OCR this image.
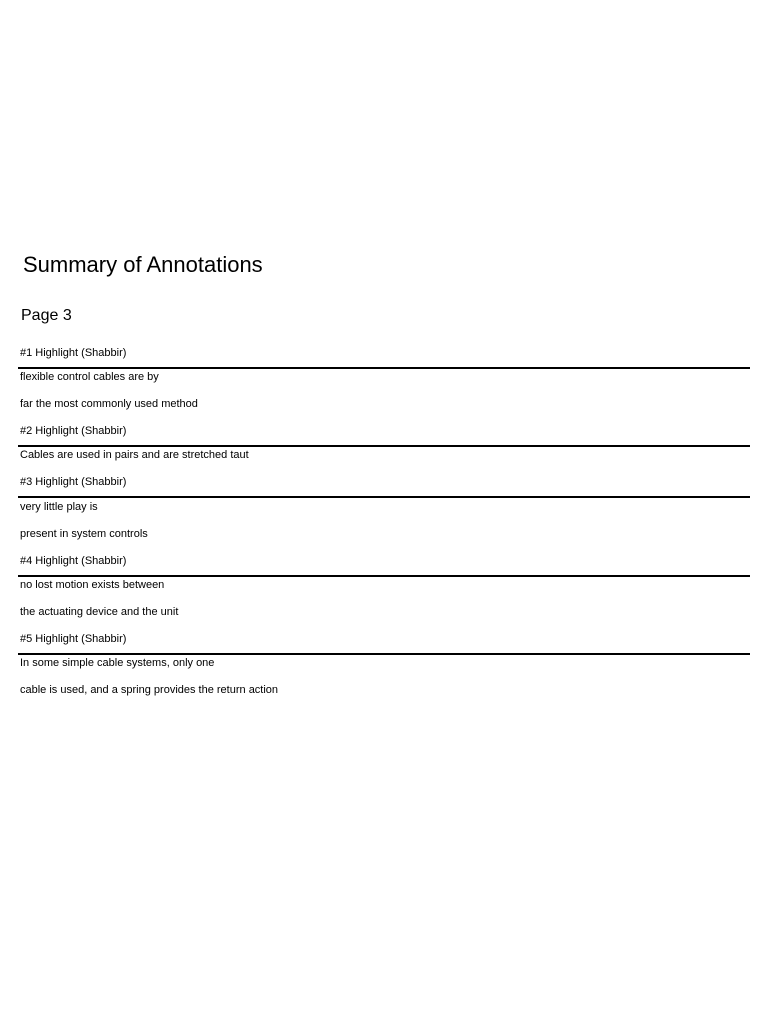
Summary of Annotations
Page 3
#1 Highlight (Shabbir)
flexible control cables are by
far the most commonly used method
#2 Highlight (Shabbir)
Cables are used in pairs and are stretched taut
#3 Highlight (Shabbir)
very little play is
present in system controls
#4 Highlight (Shabbir)
no lost motion exists between
the actuating device and the unit
#5 Highlight (Shabbir)
In some simple cable systems, only one
cable is used, and a spring provides the return action
